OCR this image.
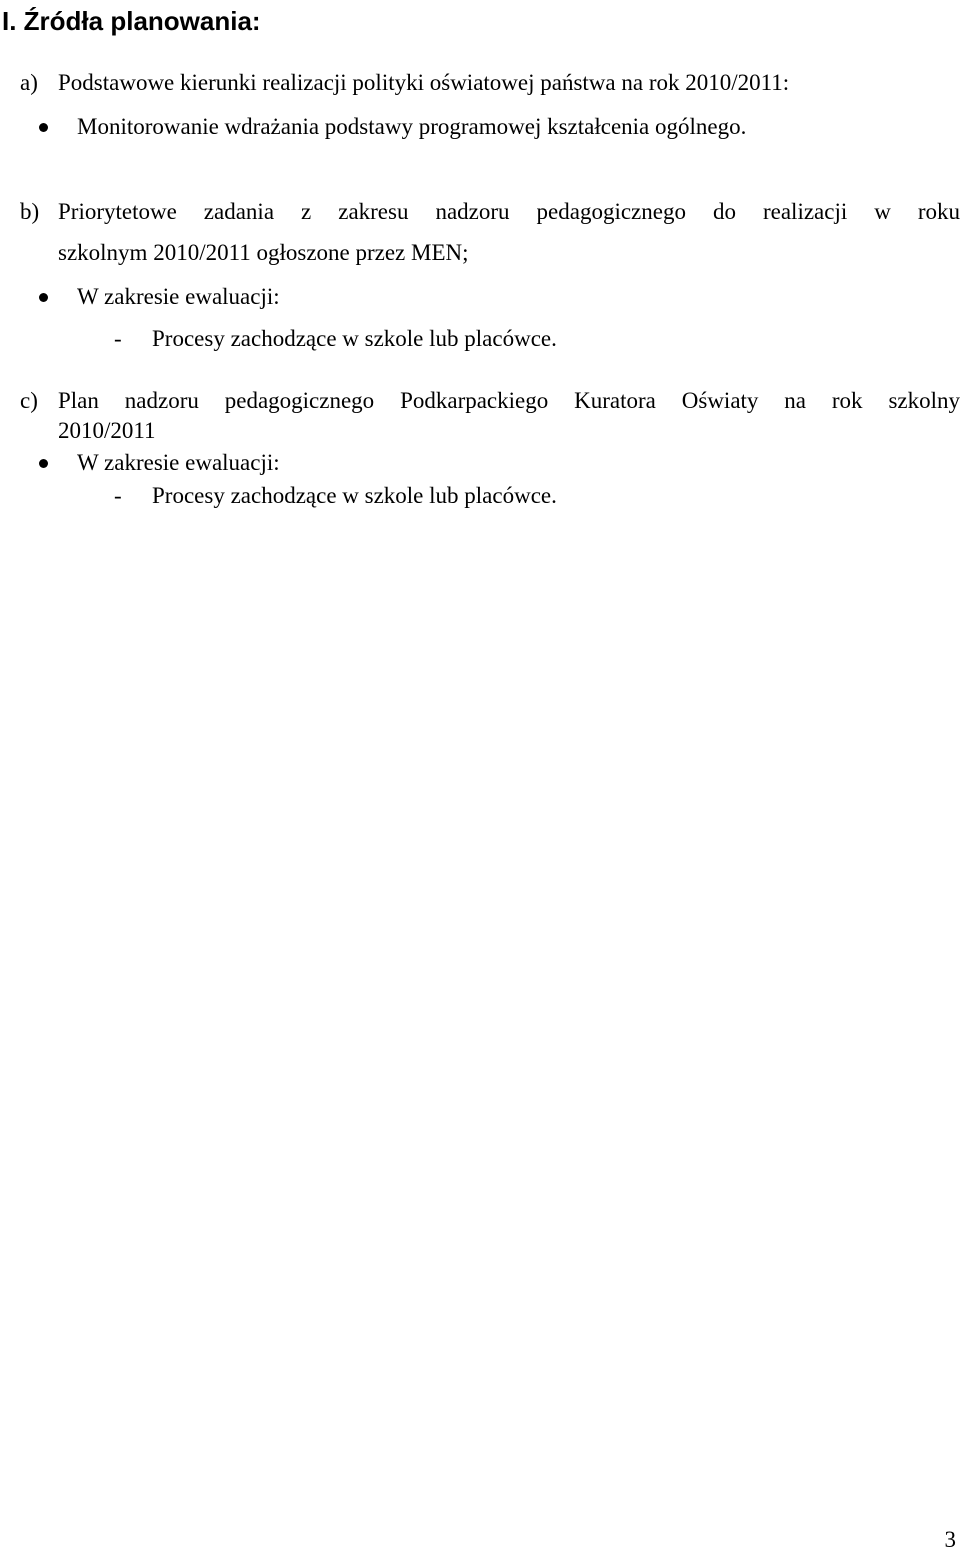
I. Źródła planowania:
a) Podstawowe kierunki realizacji polityki oświatowej państwa na rok 2010/2011:
Monitorowanie wdrażania podstawy programowej kształcenia ogólnego.
b) Priorytetowe zadania z zakresu nadzoru pedagogicznego do realizacji w roku
szkolnym 2010/2011 ogłoszone przez MEN;
W zakresie ewaluacji:
- Procesy zachodzące w szkole lub placówce.
c) Plan nadzoru pedagogicznego Podkarpackiego Kuratora Oświaty na rok szkolny
2010/2011
W zakresie ewaluacji:
- Procesy zachodzące w szkole lub placówce.
3
